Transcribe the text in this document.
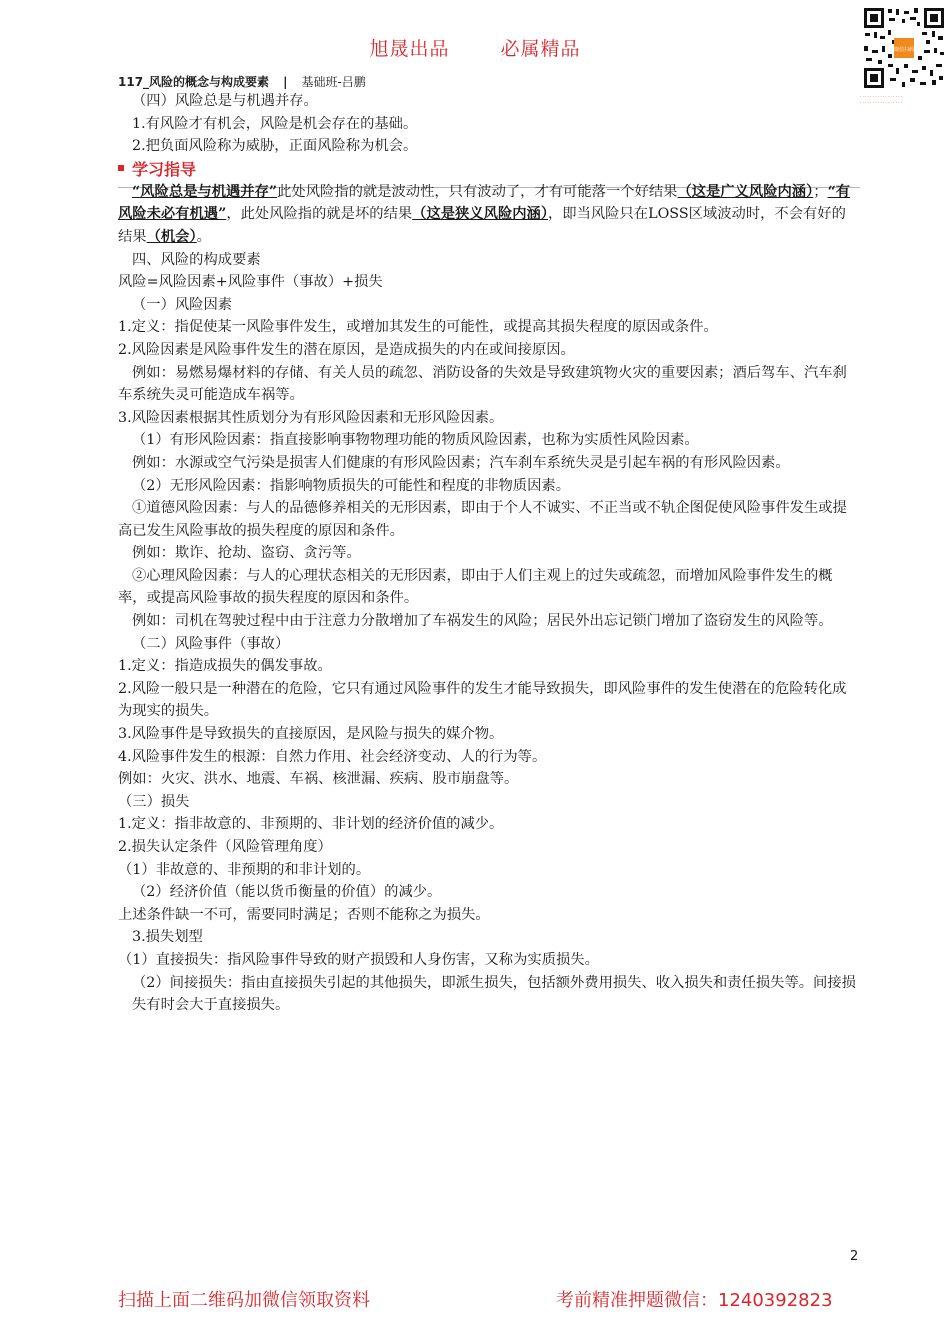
旭晟出品	必属精品	微信扫码
· · · · · · · · · · · · · · · · ·
· · · · · · · · · · · · · · · · ·
117_风险的概念与构成要素 | 基础班-吕鹏

（四）风险总是与机遇并存。

1.有风险才有机会，风险是机会存在的基础。

2.把负面风险称为威胁，正面风险称为机会。

学习指导

“风险总是与机遇并存”此处风险指的就是波动性，只有波动了，才有可能落一个好结果（这是广义风险内涵）；“有风险未必有机遇”，此处风险指的就是坏的结果（这是狭义风险内涵），即当风险只在LOSS区域波动时，不会有好的结果（机会）。

四、风险的构成要素

风险=风险因素+风险事件（事故）+损失

（一）风险因素

1.定义：指促使某一风险事件发生，或增加其发生的可能性，或提高其损失程度的原因或条件。

2.风险因素是风险事件发生的潜在原因，是造成损失的内在或间接原因。

例如：易燃易爆材料的存储、有关人员的疏忽、消防设备的失效是导致建筑物火灾的重要因素；酒后驾车、汽车刹车系统失灵可能造成车祸等。

3.风险因素根据其性质划分为有形风险因素和无形风险因素。

（1）有形风险因素：指直接影响事物物理功能的物质风险因素，也称为实质性风险因素。

例如：水源或空气污染是损害人们健康的有形风险因素；汽车刹车系统失灵是引起车祸的有形风险因素。

（2）无形风险因素：指影响物质损失的可能性和程度的非物质因素。

①道德风险因素：与人的品德修养相关的无形因素，即由于个人不诚实、不正当或不轨企图促使风险事件发生或提高已发生风险事故的损失程度的原因和条件。

例如：欺诈、抢劫、盗窃、贪污等。

②心理风险因素：与人的心理状态相关的无形因素，即由于人们主观上的过失或疏忽，而增加风险事件发生的概率，或提高风险事故的损失程度的原因和条件。

例如：司机在驾驶过程中由于注意力分散增加了车祸发生的风险；居民外出忘记锁门增加了盗窃发生的风险等。

（二）风险事件（事故）

1.定义：指造成损失的偶发事故。

2.风险一般只是一种潜在的危险，它只有通过风险事件的发生才能导致损失，即风险事件的发生使潜在的危险转化成为现实的损失。

3.风险事件是导致损失的直接原因，是风险与损失的媒介物。

4.风险事件发生的根源：自然力作用、社会经济变动、人的行为等。

例如：火灾、洪水、地震、车祸、核泄漏、疾病、股市崩盘等。

（三）损失

1.定义：指非故意的、非预期的、非计划的经济价值的减少。

2.损失认定条件（风险管理角度）

（1）非故意的、非预期的和非计划的。

（2）经济价值（能以货币衡量的价值）的减少。

上述条件缺一不可，需要同时满足；否则不能称之为损失。

3.损失划型

（1）直接损失：指风险事件导致的财产损毁和人身伤害，又称为实质损失。

（2）间接损失：指由直接损失引起的其他损失，即派生损失，包括额外费用损失、收入损失和责任损失等。间接损失有时会大于直接损失。

2
扫描上面二维码加微信领取资料	考前精准押题微信：1240392823
